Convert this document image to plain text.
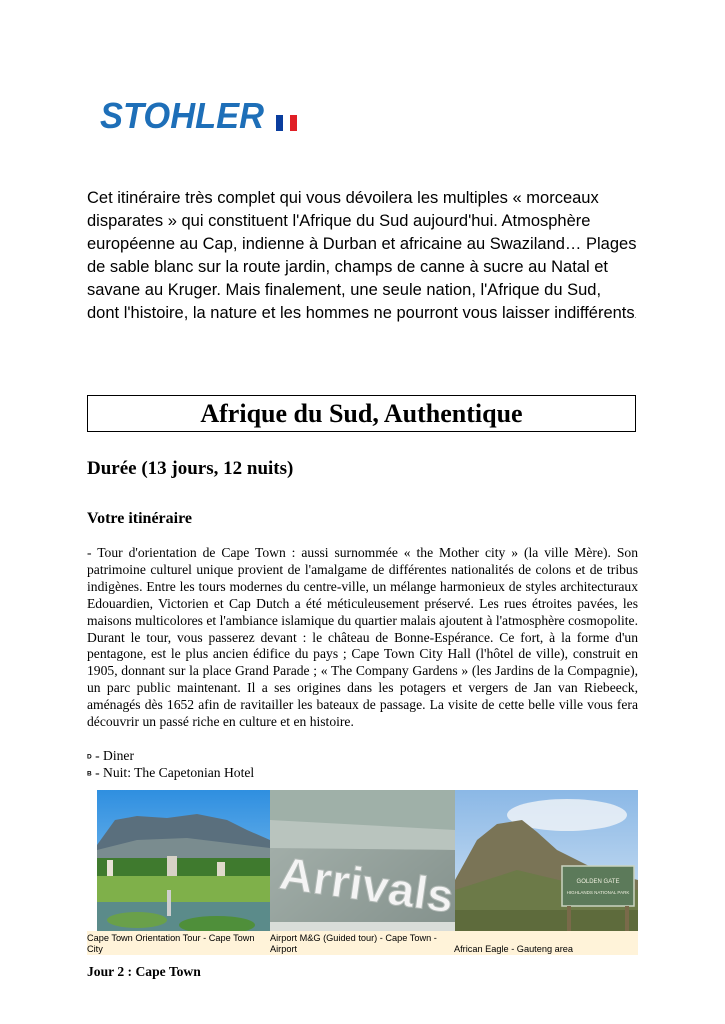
STOHLER

Cet itinéraire très complet qui vous dévoilera les multiples « morceaux disparates » qui constituent l'Afrique du Sud aujourd'hui. Atmosphère européenne au Cap, indienne à Durban et africaine au Swaziland… Plages de sable blanc sur la route jardin, champs de canne à sucre au Natal et savane au Kruger. Mais finalement, une seule nation, l'Afrique du Sud, dont l'histoire, la nature et les hommes ne pourront vous laisser indifférents.

Afrique du Sud, Authentique
Durée (13 jours, 12 nuits)
Votre itinéraire

- Tour d'orientation de Cape Town : aussi surnommée « the Mother city » (la ville Mère). Son patrimoine culturel unique provient de l'amalgame de différentes nationalités de colons et de tribus indigènes. Entre les tours modernes du centre-ville, un mélange harmonieux de styles architecturaux Edouardien, Victorien et Cap Dutch a été méticuleusement préservé. Les rues étroites pavées, les maisons multicolores et l'ambiance islamique du quartier malais ajoutent à l'atmosphère cosmopolite. Durant le tour, vous passerez devant : le château de Bonne-Espérance. Ce fort, à la forme d'un pentagone, est le plus ancien édifice du pays ; Cape Town City Hall (l'hôtel de ville), construit en 1905, donnant sur la place Grand Parade ; « The Company Gardens » (les Jardins de la Compagnie), un parc public maintenant. Il a ses origines dans les potagers et vergers de Jan van Riebeeck, aménagés dès 1652 afin de ravitailler les bateaux de passage. La visite de cette belle ville vous fera découvrir un passé riche en culture et en histoire.

D - Diner
B - Nuit: The Capetonian Hotel
Arrivals	GOLDEN GATE
HIGHLANDS NATIONAL PARK
Cape Town Orientation Tour - Cape Town City
Airport M&G (Guided tour) - Cape Town - Airport	African Eagle - Gauteng area
Jour 2 : Cape Town
